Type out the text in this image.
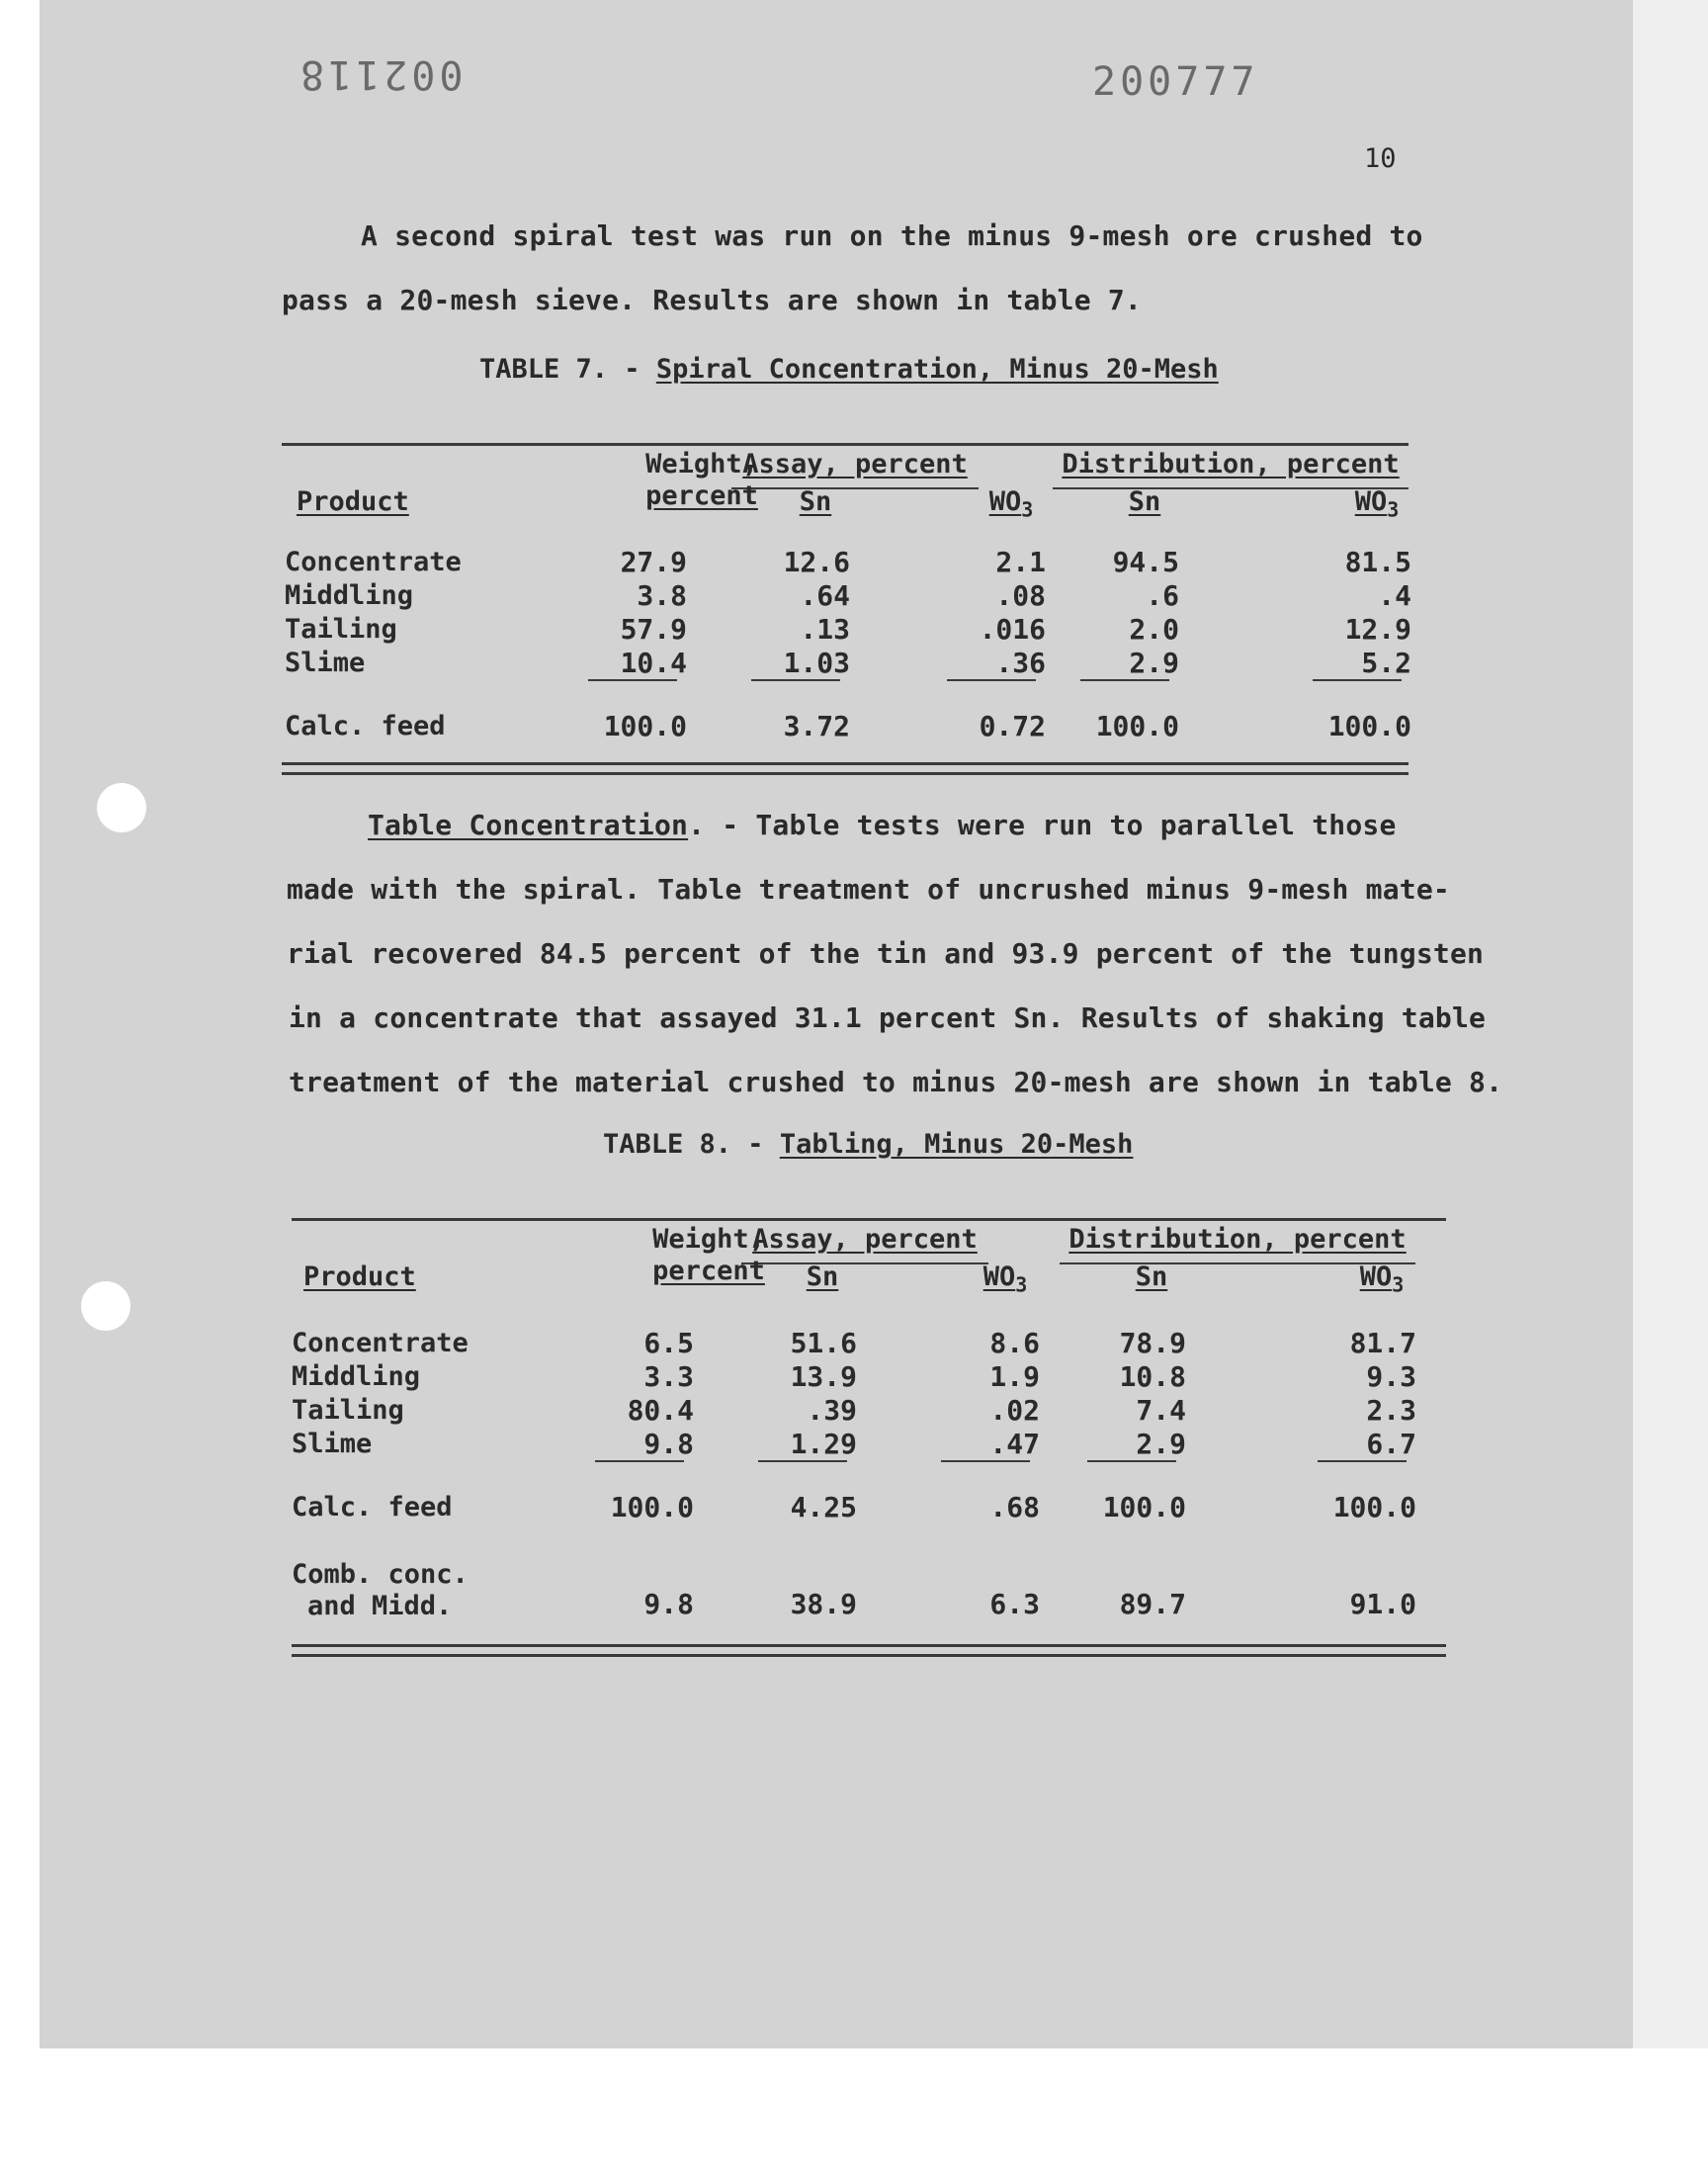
002118	200777
10
A second spiral test was run on the minus 9-mesh ore crushed to
pass a 20-mesh sieve. Results are shown in table 7.
TABLE 7. - Spiral Concentration, Minus 20-Mesh
Weight,
percent
Assay, percent	Distribution, percent
Product	Sn	$WO_3$	Sn	$WO_3$
Concentrate	27.9	12.6	2.1	94.5	81.5
Middling	3.8	.64	.08	.6	.4
Tailing	57.9	.13	.016	2.0	12.9
Slime	10.4	1.03	.36	2.9	5.2
Calc. feed	100.0	3.72	0.72	100.0	100.0
Table Concentration. - Table tests were run to parallel those
made with the spiral. Table treatment of uncrushed minus 9-mesh mate-
rial recovered 84.5 percent of the tin and 93.9 percent of the tungsten
in a concentrate that assayed 31.1 percent Sn. Results of shaking table
treatment of the material crushed to minus 20-mesh are shown in table 8.
TABLE 8. - Tabling, Minus 20-Mesh
Weight,
percent
Assay, percent	Distribution, percent
Product	Sn	$WO_3$	Sn	$WO_3$
Concentrate	6.5	51.6	8.6	78.9	81.7
Middling	3.3	13.9	1.9	10.8	9.3
Tailing	80.4	.39	.02	7.4	2.3
Slime	9.8	1.29	.47	2.9	6.7
Calc. feed	100.0	4.25	.68	100.0	100.0
Comb. conc.
and Midd.	9.8	38.9	6.3	89.7	91.0
